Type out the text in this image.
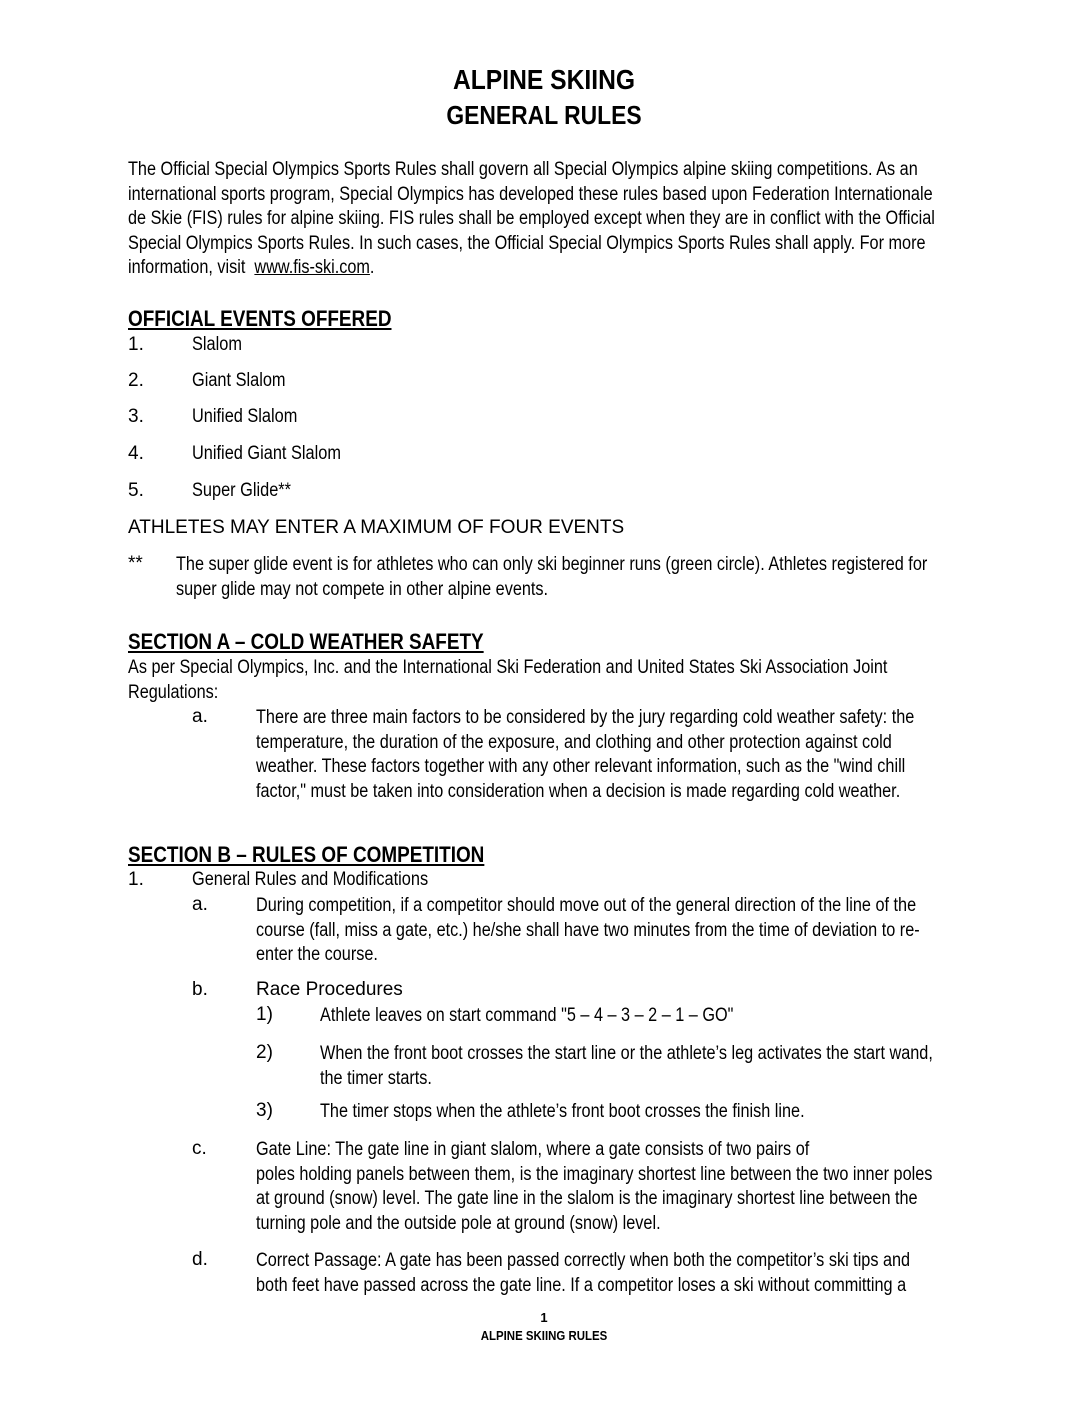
ALPINE SKIING
GENERAL RULES
The Official Special Olympics Sports Rules shall govern all Special Olympics alpine skiing competitions. As an
international sports program, Special Olympics has developed these rules based upon Federation Internationale
de Skie (FIS) rules for alpine skiing. FIS rules shall be employed except when they are in conflict with the Official
Special Olympics Sports Rules. In such cases, the Official Special Olympics Sports Rules shall apply. For more
information, visit  www.fis-ski.com.
OFFICIAL EVENTS OFFERED
1.	Slalom
2.	Giant Slalom
3.	Unified Slalom
4.	Unified Giant Slalom
5.	Super Glide**
ATHLETES MAY ENTER A MAXIMUM OF FOUR EVENTS
** The super glide event is for athletes who can only ski beginner runs (green circle). Athletes registered for
super glide may not compete in other alpine events.
SECTION A – COLD WEATHER SAFETY
As per Special Olympics, Inc. and the International Ski Federation and United States Ski Association Joint
Regulations:
a.	There are three main factors to be considered by the jury regarding cold weather safety: the
temperature, the duration of the exposure, and clothing and other protection against cold
weather. These factors together with any other relevant information, such as the "wind chill
factor," must be taken into consideration when a decision is made regarding cold weather.
SECTION B – RULES OF COMPETITION
1.	General Rules and Modifications
a.	During competition, if a competitor should move out of the general direction of the line of the
course (fall, miss a gate, etc.) he/she shall have two minutes from the time of deviation to re-
enter the course.
b.	Race Procedures
1) Athlete leaves on start command "5 – 4 – 3 – 2 – 1 – GO"
2) When the front boot crosses the start line or the athlete’s leg activates the start wand,
the timer starts.
3) The timer stops when the athlete’s front boot crosses the finish line.
c.	Gate Line: The gate line in giant slalom, where a gate consists of two pairs of
poles holding panels between them, is the imaginary shortest line between the two inner poles
at ground (snow) level. The gate line in the slalom is the imaginary shortest line between the
turning pole and the outside pole at ground (snow) level.
d.	Correct Passage: A gate has been passed correctly when both the competitor’s ski tips and
both feet have passed across the gate line. If a competitor loses a ski without committing a
1
ALPINE SKIING RULES
